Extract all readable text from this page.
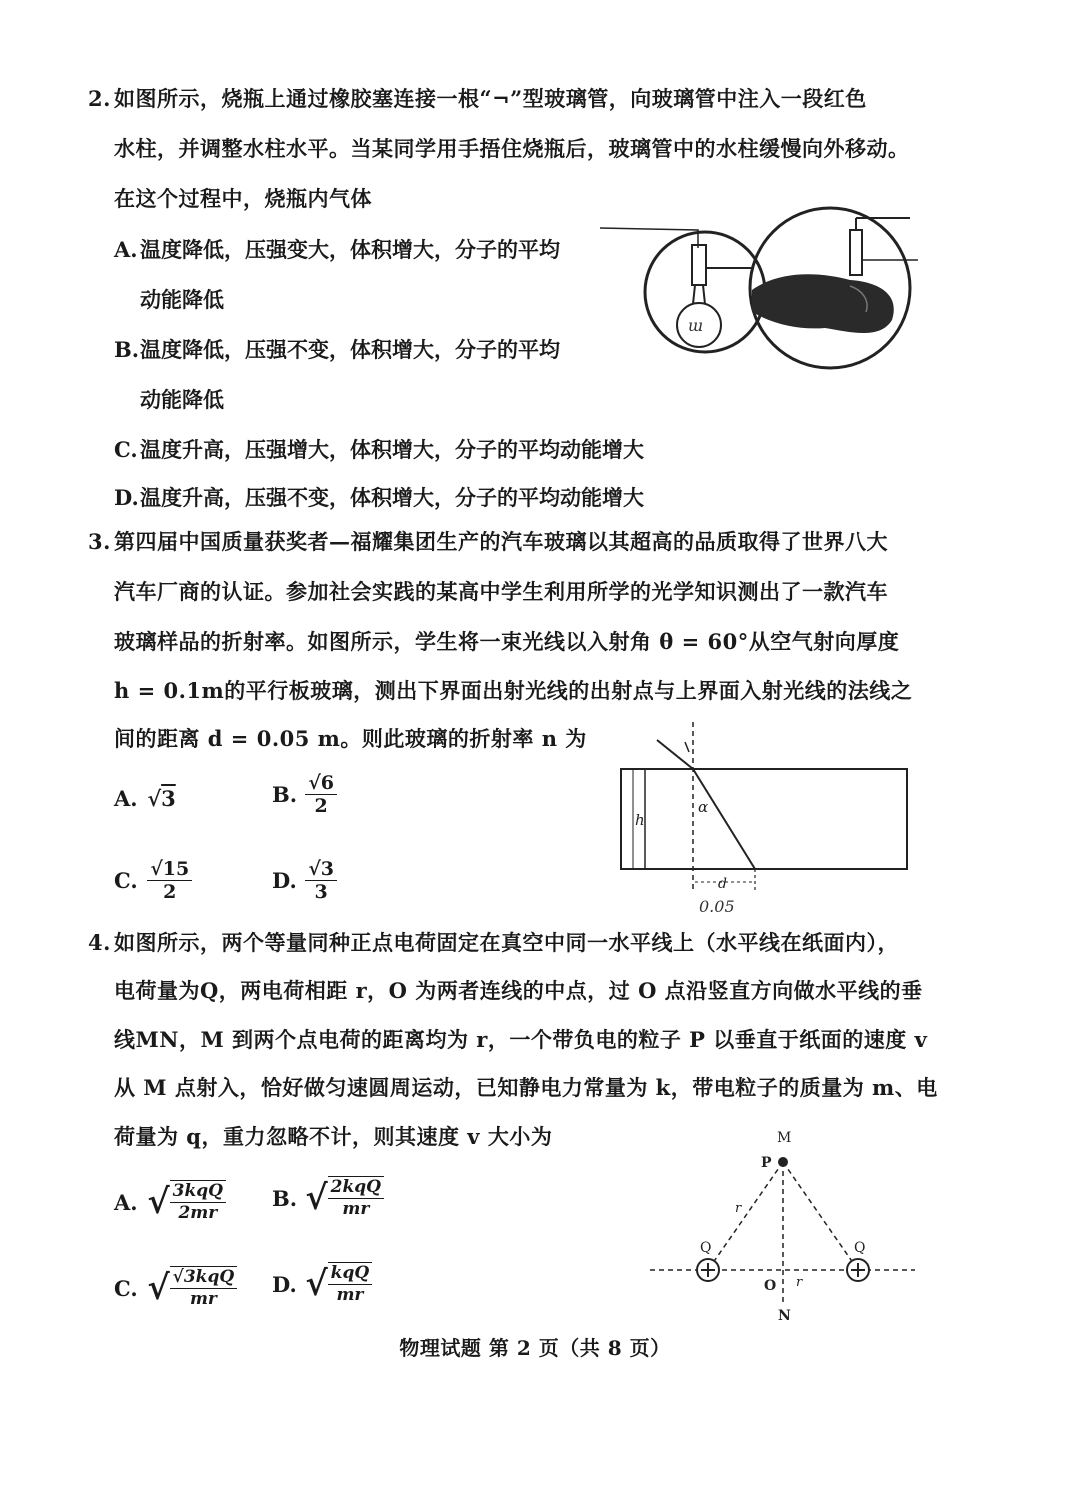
2. 如图所示，烧瓶上通过橡胶塞连接一根“¬”型玻璃管，向玻璃管中注入一段红色
水柱，并调整水柱水平。当某同学用手捂住烧瓶后，玻璃管中的水柱缓慢向外移动。
在这个过程中，烧瓶内气体
A. 温度降低，压强变大，体积增大，分子的平均
动能降低
B.温度降低，压强不变，体积增大，分子的平均
动能降低
C. 温度升高，压强增大，体积增大，分子的平均动能增大
D.温度升高，压强不变，体积增大，分子的平均动能增大
ɯ
3. 第四届中国质量获奖者—福耀集团生产的汽车玻璃以其超高的品质取得了世界八大
汽车厂商的认证。参加社会实践的某高中学生利用所学的光学知识测出了一款汽车
玻璃样品的折射率。如图所示，学生将一束光线以入射角 θ = 60°从空气射向厚度
h = 0.1m的平行板玻璃，测出下界面出射光线的出射点与上界面入射光线的法线之
间的距离 d = 0.05 m。则此玻璃的折射率 n 为
A. √3	B. $\frac{√6}{2}$
C. $\frac{√15}{2}$	D. $\frac{√3}{3}$
h
α
d
0.05
4. 如图所示，两个等量同种正点电荷固定在真空中同一水平线上（水平线在纸面内），
电荷量为Q，两电荷相距 r，O 为两者连线的中点，过 O 点沿竖直方向做水平线的垂
线MN，M 到两个点电荷的距离均为 r，一个带负电的粒子 P 以垂直于纸面的速度 v
从 M 点射入，恰好做匀速圆周运动，已知静电力常量为 k，带电粒子的质量为 m、电
荷量为 q，重力忽略不计，则其速度 v 大小为
A. √ 3kqQ
2mr
B. √ 2kqQ
mr
C. √ √3kqQ
mr
D. √ kqQ
mr
M
P
r
Q	Q
O r
N
物理试题 第 2 页（共 8 页）
